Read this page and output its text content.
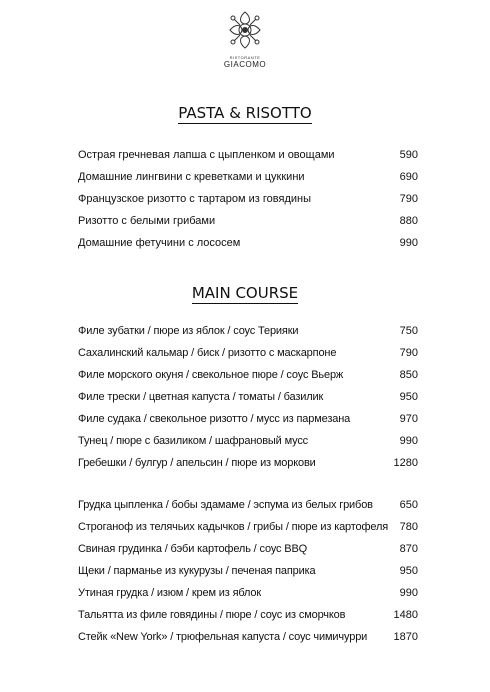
RISTORANTE
GIACOMO
PASTA & RISOTTO
Острая гречневая лапша с цыпленком и овощами	590
Домашние лингвини с креветками и цуккини	690
Французское ризотто с тартаром из говядины	790
Ризотто с белыми грибами	880
Домашние фетучини с лососем	990
MAIN COURSE
Филе зубатки / пюре из яблок / соус Терияки	750
Сахалинский кальмар / биск / ризотто с маскарпоне	790
Филе морского окуня / свекольное пюре / соус Вьерж	850
Филе трески / цветная капуста / томаты / базилик	950
Филе судака / свекольное ризотто / мусс из пармезана	970
Тунец / пюре с базиликом / шафрановый мусс	990
Гребешки / булгур / апельсин / пюре из моркови	1280
Грудка цыпленка / бобы эдамаме / эспума из белых грибов 650
Строганоф из телячьих кадычков / грибы / пюре из картофеля 780
Свиная грудинка / бэби картофель / соус BBQ	870
Щеки / парманье из кукурузы / печеная паприка	950
Утиная грудка / изюм / крем из яблок	990
Тальятта из филе говядины / пюре / соус из сморчков	1480
Стейк «New York» / трюфельная капуста / соус чимичурри 1870
